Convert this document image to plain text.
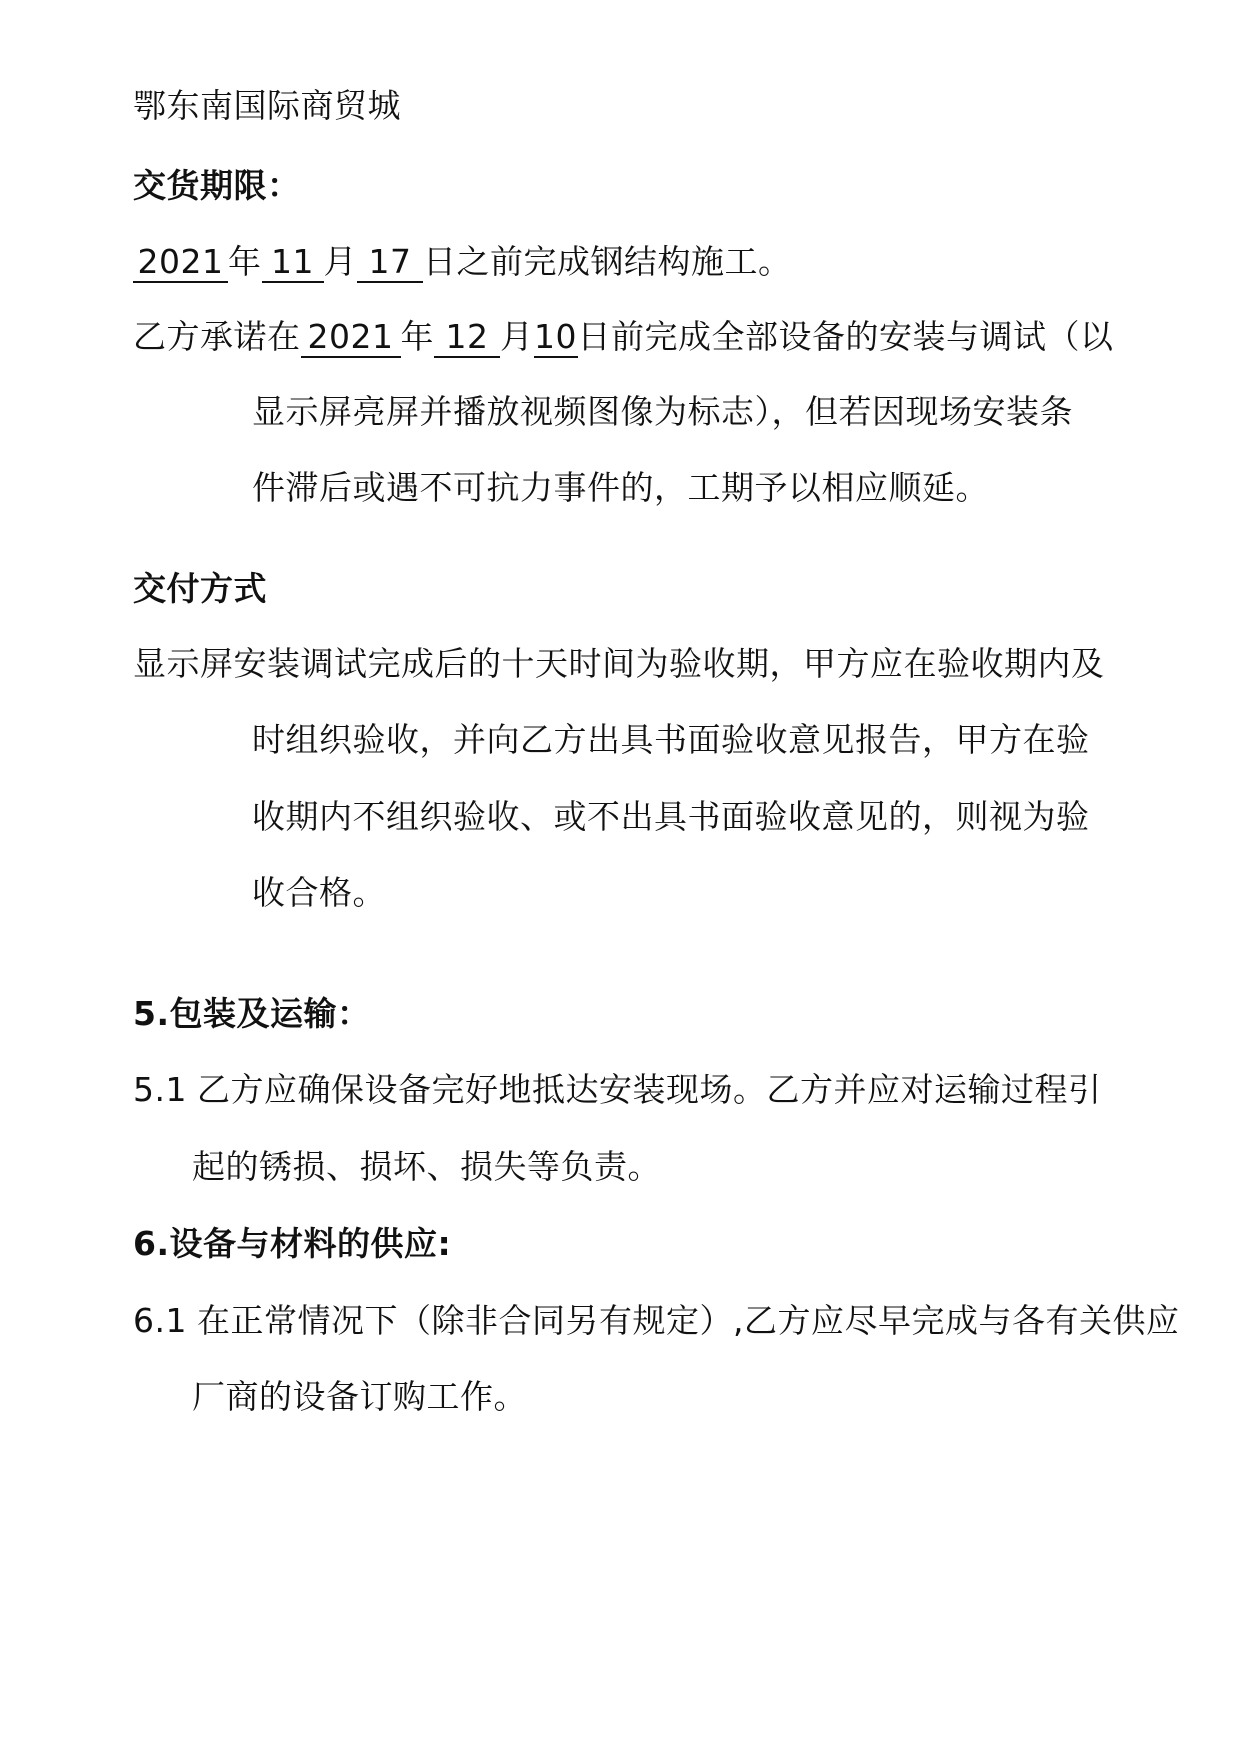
鄂东南国际商贸城
交货期限：
2021 年 11 月 17 日之前完成钢结构施工。
乙方承诺在 2021 年 12 月10日前完成全部设备的安装与调试（以
显示屏亮屏并播放视频图像为标志），但若因现场安装条
件滞后或遇不可抗力事件的，工期予以相应顺延。
交付方式
显示屏安装调试完成后的十天时间为验收期，甲方应在验收期内及
时组织验收，并向乙方出具书面验收意见报告，甲方在验
收期内不组织验收、或不出具书面验收意见的，则视为验
收合格。
5.包装及运输：
5.1 乙方应确保设备完好地抵达安装现场。乙方并应对运输过程引
起的锈损、损坏、损失等负责。
6.设备与材料的供应:
6.1 在正常情况下（除非合同另有规定）,乙方应尽早完成与各有关供应
厂商的设备订购工作。
